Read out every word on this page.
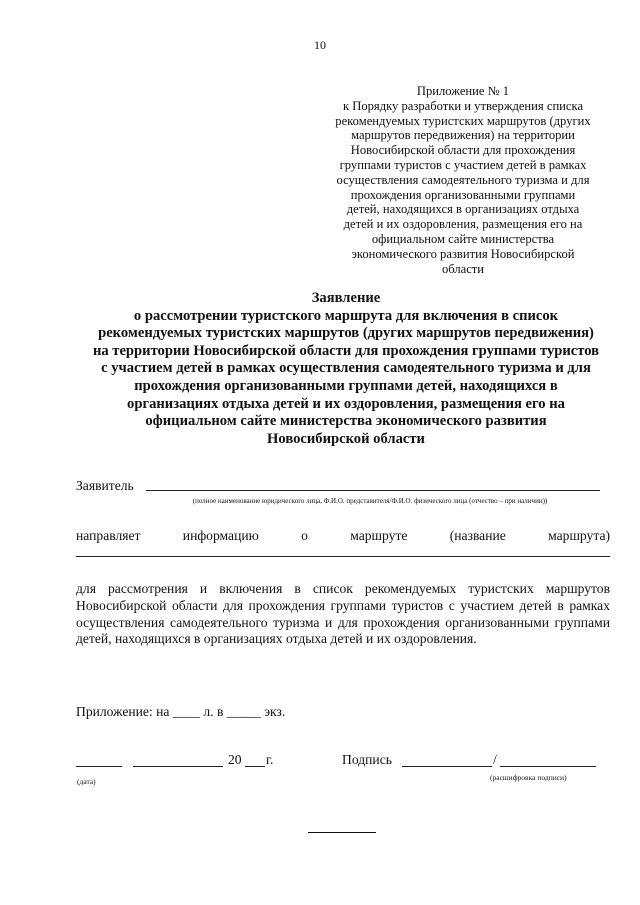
10
Приложение № 1
к Порядку разработки и утверждения списка
рекомендуемых туристских маршрутов (других
маршрутов передвижения) на территории
Новосибирской области для прохождения
группами туристов с участием детей в рамках
осуществления самодеятельного туризма и для
прохождения организованными группами
детей, находящихся в организациях отдыха
детей и их оздоровления, размещения его на
официальном сайте министерства
экономического развития Новосибирской
области
Заявление
о рассмотрении туристского маршрута для включения в список
рекомендуемых туристских маршрутов (других маршрутов передвижения)
на территории Новосибирской области для прохождения группами туристов
с участием детей в рамках осуществления самодеятельного туризма и для
прохождения организованными группами детей, находящихся в
организациях отдыха детей и их оздоровления, размещения его на
официальном сайте министерства экономического развития
Новосибирской области
Заявитель
(полное наименование юридического лица, Ф.И.О. представителя/Ф.И.О. физического лица (отчество – при наличии))
направляет	информацию	о	маршруте	(название	маршрута)
для рассмотрения и включения в список рекомендуемых туристских маршрутов Новосибирской области для прохождения группами туристов с участием детей в рамках осуществления самодеятельного туризма и для прохождения организованными группами детей, находящихся в организациях отдыха детей и их оздоровления.
Приложение: на ____ л. в _____ экз.
20 г.	Подпись	/
(дата)	(расшифровка подписи)
